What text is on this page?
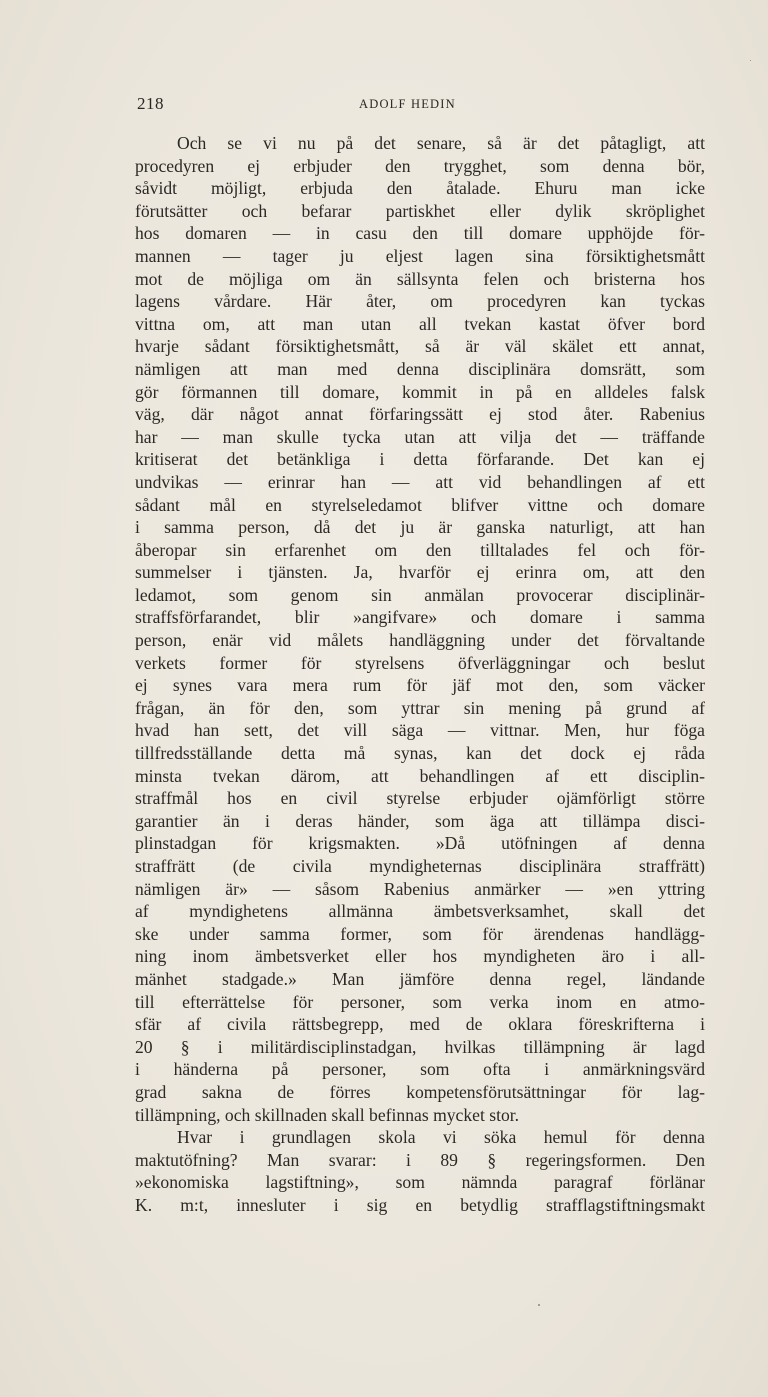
218	ADOLF HEDIN
Och se vi nu på det senare, så är det påtagligt, att
procedyren ej erbjuder den trygghet, som denna bör,
såvidt möjligt, erbjuda den åtalade. Ehuru man icke
förutsätter och befarar partiskhet eller dylik skröplighet
hos domaren — in casu den till domare upphöjde för-
mannen — tager ju eljest lagen sina försiktighetsmått
mot de möjliga om än sällsynta felen och bristerna hos
lagens vårdare. Här åter, om procedyren kan tyckas
vittna om, att man utan all tvekan kastat öfver bord
hvarje sådant försiktighetsmått, så är väl skälet ett annat,
nämligen att man med denna disciplinära domsrätt, som
gör förmannen till domare, kommit in på en alldeles falsk
väg, där något annat förfaringssätt ej stod åter. Rabenius
har — man skulle tycka utan att vilja det — träffande
kritiserat det betänkliga i detta förfarande. Det kan ej
undvikas — erinrar han — att vid behandlingen af ett
sådant mål en styrelseledamot blifver vittne och domare
i samma person, då det ju är ganska naturligt, att han
åberopar sin erfarenhet om den tilltalades fel och för-
summelser i tjänsten. Ja, hvarför ej erinra om, att den
ledamot, som genom sin anmälan provocerar disciplinär-
straffsförfarandet, blir »angifvare» och domare i samma
person, enär vid målets handläggning under det förvaltande
verkets former för styrelsens öfverläggningar och beslut
ej synes vara mera rum för jäf mot den, som väcker
frågan, än för den, som yttrar sin mening på grund af
hvad han sett, det vill säga — vittnar. Men, hur föga
tillfredsställande detta må synas, kan det dock ej råda
minsta tvekan därom, att behandlingen af ett disciplin-
straffmål hos en civil styrelse erbjuder ojämförligt större
garantier än i deras händer, som äga att tillämpa disci-
plinstadgan för krigsmakten. »Då utöfningen af denna
straffrätt (de civila myndigheternas disciplinära straffrätt)
nämligen är» — såsom Rabenius anmärker — »en yttring
af myndighetens allmänna ämbetsverksamhet, skall det
ske under samma former, som för ärendenas handlägg-
ning inom ämbetsverket eller hos myndigheten äro i all-
mänhet stadgade.» Man jämföre denna regel, ländande
till efterrättelse för personer, som verka inom en atmo-
sfär af civila rättsbegrepp, med de oklara föreskrifterna i
20 § i militärdisciplinstadgan, hvilkas tillämpning är lagd
i händerna på personer, som ofta i anmärkningsvärd
grad sakna de förres kompetensförutsättningar för lag-
tillämpning, och skillnaden skall befinnas mycket stor.
Hvar i grundlagen skola vi söka hemul för denna
maktutöfning? Man svarar: i 89 § regeringsformen. Den
»ekonomiska lagstiftning», som nämnda paragraf förlänar
K. m:t, innesluter i sig en betydlig strafflagstiftningsmakt
